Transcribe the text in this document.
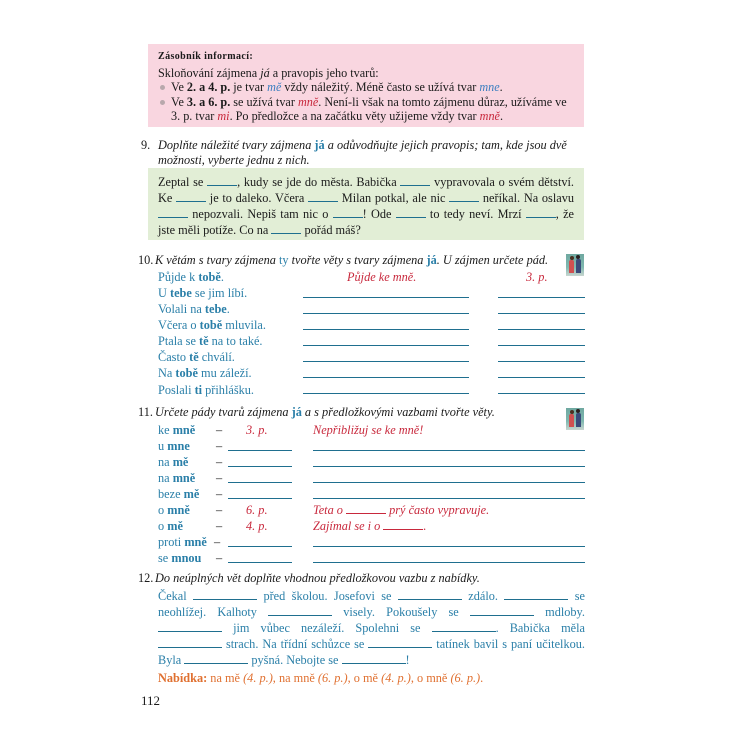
Zásobník informací:
Skloňování zájmena já a pravopis jeho tvarů:
Ve 2. a 4. p. je tvar mě vždy náležitý. Méně často se užívá tvar mne.
Ve 3. a 6. p. se užívá tvar mně. Není-li však na tomto zájmenu důraz, užíváme ve 3. p. tvar mi. Po předložce a na začátku věty užijeme vždy tvar mně.
9. Doplňte náležité tvary zájmena já a odůvodňujte jejich pravopis; tam, kde jsou dvě
možnosti, vyberte jednu z nich.
Zeptal se , kudy se jde do města. Babička  vypravovala o svém dětství. Ke  je to daleko. Včera  Milan potkal, ale nic  neříkal. Na oslavu  nepozvali. Nepiš tam nic o ! Ode  to tedy neví. Mrzí , že jste měli potíže. Co na  pořád máš?
10. K větám s tvary zájmena ty tvořte věty s tvary zájmena já. U zájmen určete pád.
Půjde k tobě.	Půjde ke mně.	3. p.
U tebe se jim líbí.
Volali na tebe.
Včera o tobě mluvila.
Ptala se tě na to také.
Často tě chválí.
Na tobě mu záleží.
Poslali ti přihlášku.
11. Určete pády tvarů zájmena já a s předložkovými vazbami tvořte věty.
ke mně – 3. p.	Nepřibližuj se ke mně!
u mne –
na mě –
na mně –
beze mě –
o mně – 6. p.	Teta o	prý často vypravuje.
o mě	– 4. p.	Zajímal se i o	.
proti mně –
se mnou –
12. Do neúplných vět doplňte vhodnou předložkovou vazbu z nabídky.
Čekal	před školou. Josefovi se	zdálo.	se neohlížej. Kalhoty	visely. Pokoušely se	mdloby.  jim vůbec nezáleží. Spolehni se	. Babička měla  strach. Na třídní schůzce se	tatínek bavil s paní učitelkou. Byla	pyšná. Nebojte se	!
Nabídka: na mě (4. p.), na mně (6. p.), o mě (4. p.), o mně (6. p.).
112
